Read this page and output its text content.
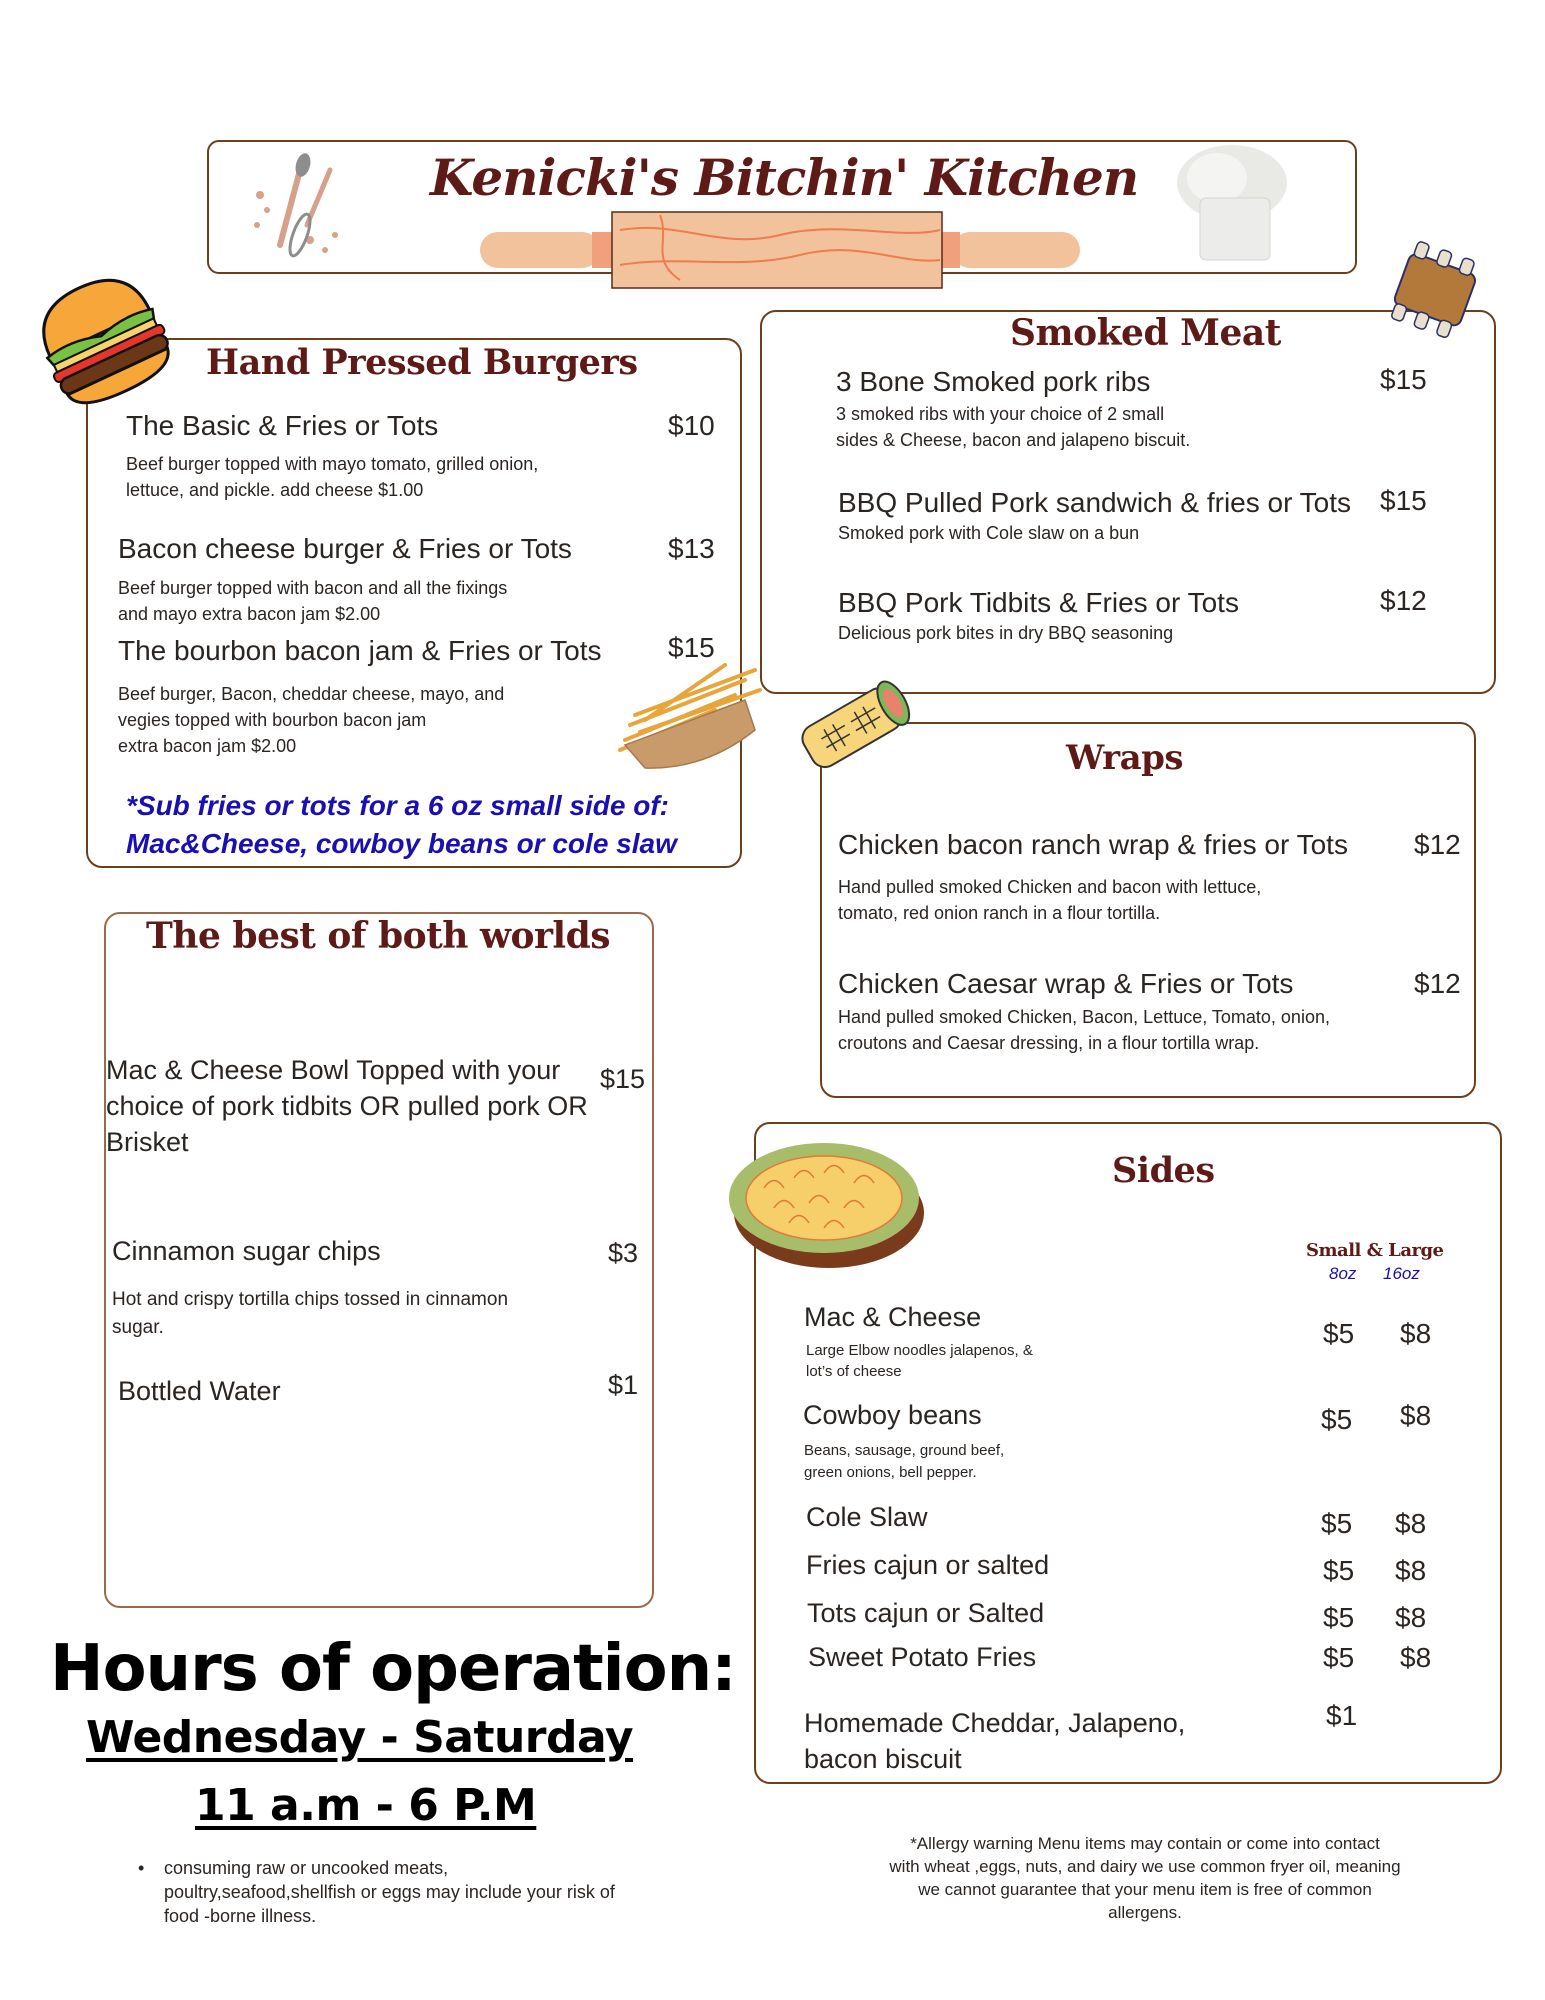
Kenicki's Bitchin' Kitchen
Hand Pressed Burgers
The Basic & Fries or Tots	$10
Beef burger topped with mayo tomato, grilled onion,
lettuce, and pickle. add cheese $1.00
Bacon cheese burger & Fries or Tots	$13
Beef burger topped with bacon and all the fixings
and mayo extra bacon jam $2.00
The bourbon bacon jam & Fries or Tots $15
Beef burger, Bacon, cheddar cheese, mayo, and
vegies topped with bourbon bacon jam
extra bacon jam $2.00
*Sub fries or tots for a 6 oz small side of:
Mac&Cheese, cowboy beans or cole slaw
Smoked Meat
3 Bone Smoked pork ribs	$15
3 smoked ribs with your choice of 2 small
sides & Cheese, bacon and jalapeno biscuit.
BBQ Pulled Pork sandwich & fries or Tots $15
Smoked pork with Cole slaw on a bun
BBQ Pork Tidbits & Fries or Tots	$12
Delicious pork bites in dry BBQ seasoning
Wraps
Chicken bacon ranch wrap & fries or Tots $12
Hand pulled smoked Chicken and bacon with lettuce,
tomato, red onion ranch in a flour tortilla.
Chicken Caesar wrap & Fries or Tots	$12
Hand pulled smoked Chicken, Bacon, Lettuce, Tomato, onion,
croutons and Caesar dressing, in a flour tortilla wrap.
The best of both worlds
Mac & Cheese Bowl Topped with your
choice of pork tidbits OR pulled pork OR
Brisket
$15
Cinnamon sugar chips	$3
Hot and crispy tortilla chips tossed in cinnamon
sugar.
Bottled Water	$1
Sides
Small & Large
8oz 16oz
Mac & Cheese
$5 $8
Large Elbow noodles jalapenos, &
lot’s of cheese
Cowboy beans	$5 $8
Beans, sausage, ground beef,
green onions, bell pepper.
Cole Slaw	$5 $8
Fries cajun or salted	$5 $8
Tots cajun or Salted	$5 $8
Sweet Potato Fries	$5 $8
Homemade Cheddar, Jalapeno,
bacon biscuit
$1
Hours of operation:
Wednesday - Saturday
11 a.m - 6 P.M
• consuming raw or uncooked meats,
poultry,seafood,shellfish or eggs may include your risk of
food -borne illness.
*Allergy warning Menu items may contain or come into contact
with wheat ,eggs, nuts, and dairy we use common fryer oil, meaning
we cannot guarantee that your menu item is free of common
allergens.
